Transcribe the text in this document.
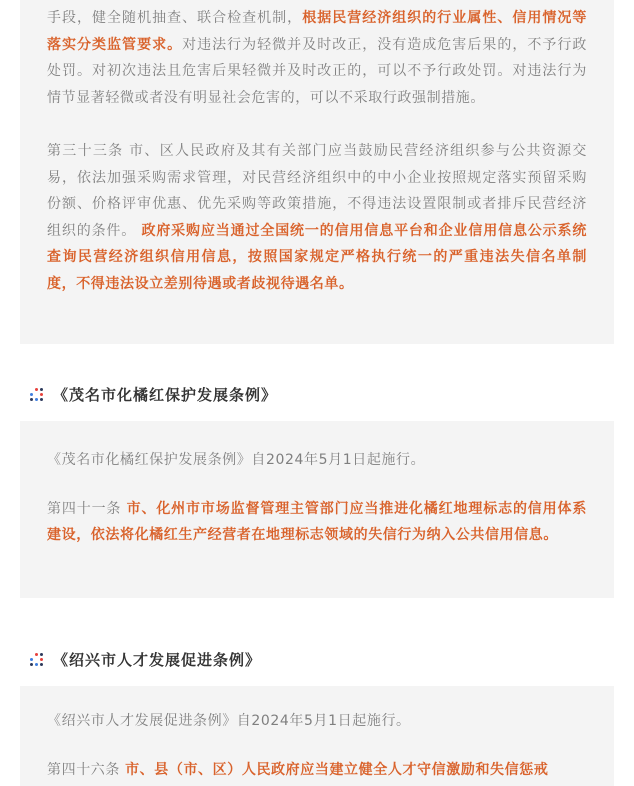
手段，健全随机抽查、联合检查机制，根据民营经济组织的行业属性、信用情况等落实分类监管要求。对违法行为轻微并及时改正，没有造成危害后果的，不予行政处罚。对初次违法且危害后果轻微并及时改正的，可以不予行政处罚。对违法行为情节显著轻微或者没有明显社会危害的，可以不采取行政强制措施。

第三十三条 市、区人民政府及其有关部门应当鼓励民营经济组织参与公共资源交易，依法加强采购需求管理，对民营经济组织中的中小企业按照规定落实预留采购份额、价格评审优惠、优先采购等政策措施，不得违法设置限制或者排斥民营经济组织的条件。 政府采购应当通过全国统一的信用信息平台和企业信用信息公示系统查询民营经济组织信用信息，按照国家规定严格执行统一的严重违法失信名单制度，不得违法设立差别待遇或者歧视待遇名单。

《茂名市化橘红保护发展条例》

《茂名市化橘红保护发展条例》自2024年5月1日起施行。

第四十一条 市、化州市市场监督管理主管部门应当推进化橘红地理标志的信用体系建设，依法将化橘红生产经营者在地理标志领域的失信行为纳入公共信用信息。

《绍兴市人才发展促进条例》

《绍兴市人才发展促进条例》自2024年5月1日起施行。

第四十六条 市、县（市、区）人民政府应当建立健全人才守信激励和失信惩戒
